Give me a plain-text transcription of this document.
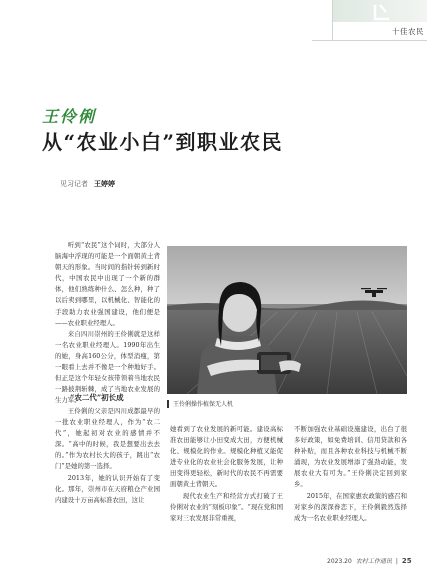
十佳农民
王伶俐
从“农业小白”到职业农民
见习记者 王婷婷

听到“农民”这个词时，大部分人脑海中浮现的可能是一个面朝黄土背朝天的形象。当时间的指针转到新时代，中国农民中出现了一个新的群体，他们熟练种什么、怎么种，种了以后卖到哪里，以机械化、智能化的手段助力农业强国建设，他们便是——农业职业经理人。

来自四川崇州的王伶俐就是这样一名农业职业经理人。1990年出生的她，身高160公分，体型消瘦，第一眼看上去并不像是一个种地好手。但正是这个年轻女孩带领着当地农民一路披荆斩棘，成了当地农业发展的生力军。

“农二代”初长成

王伶俐的父亲是四川成都最早的一批农业职业经理人，作为“农二代”，她起初对农业的感情并不深。“高中的时候，我是想要出去去的。”作为农村长大的孩子，跳出“农门”是她的第一选择。

2013年，她的认识开始有了变化。那年，崇州市在天府粮仓产业园内建设十万亩高标准农田，这让

她看到了农业发展的新可能。建设高标准农田能够让小田变成大田，方便机械化、规模化的作业。规模化种植又能促进专业化的农业社会化服务发展，让种田变得更轻松，新时代的农民不再需要面朝黄土背朝天。

现代农业生产和经营方式打破了王伶俐对农业的“刻板印象”。“现在党和国家对三农发展非常重视，

不断加强农业基础设施建设，出台了很多好政策，如免费培训、信用贷款和各种补贴，而且各种农业科技与机械不断涌现，为农业发展增添了强劲动能，发展农业大有可为。”王伶俐决定回到家乡。

2015年，在国家惠农政策的感召和对家乡的深深眷恋下，王伶俐毅然选择成为一名农业职业经理人。

王伶俐操作植保无人机
2023.20 农村工作通讯 | 25
